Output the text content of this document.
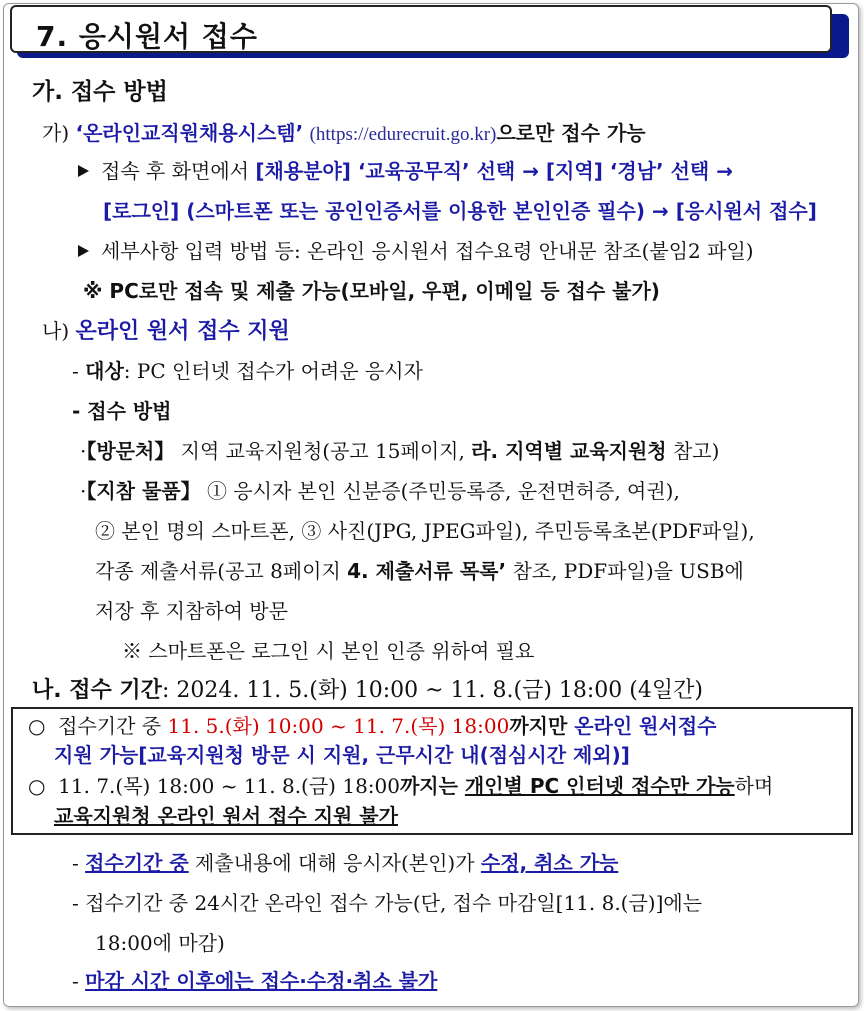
7. 응시원서 접수
가. 접수 방법
가) ‘온라인교직원채용시스템’ (https://edurecruit.go.kr)으로만 접수 가능
접속 후 화면에서 [채용분야] ‘교육공무직’ 선택 → [지역] ‘경남’ 선택 →
[로그인] (스마트폰 또는 공인인증서를 이용한 본인인증 필수) → [응시원서 접수]
세부사항 입력 방법 등: 온라인 응시원서 접수요령 안내문 참조(붙임2 파일)
※ PC로만 접속 및 제출 가능(모바일, 우편, 이메일 등 접수 불가)
나) 온라인 원서 접수 지원
- 대상: PC 인터넷 접수가 어려운 응시자
- 접수 방법
·【방문처】 지역 교육지원청(공고 15페이지, 라. 지역별 교육지원청 참고)
·【지참 물품】 ① 응시자 본인 신분증(주민등록증, 운전면허증, 여권),
② 본인 명의 스마트폰, ③ 사진(JPG, JPEG파일), 주민등록초본(PDF파일),
각종 제출서류(공고 8페이지 4. 제출서류 목록’ 참조, PDF파일)을 USB에
저장 후 지참하여 방문
※ 스마트폰은 로그인 시 본인 인증 위하여 필요
나. 접수 기간: 2024. 11. 5.(화) 10:00 ~ 11. 8.(금) 18:00 (4일간)
○ 접수기간 중 11. 5.(화) 10:00 ~ 11. 7.(목) 18:00까지만 온라인 원서접수
지원 가능[교육지원청 방문 시 지원, 근무시간 내(점심시간 제외)]
○ 11. 7.(목) 18:00 ~ 11. 8.(금) 18:00까지는 개인별 PC 인터넷 접수만 가능하며
교육지원청 온라인 원서 접수 지원 불가
- 접수기간 중 제출내용에 대해 응시자(본인)가 수정, 취소 가능
- 접수기간 중 24시간 온라인 접수 가능(단, 접수 마감일[11. 8.(금)]에는
18:00에 마감)
- 마감 시간 이후에는 접수·수정·취소 불가
